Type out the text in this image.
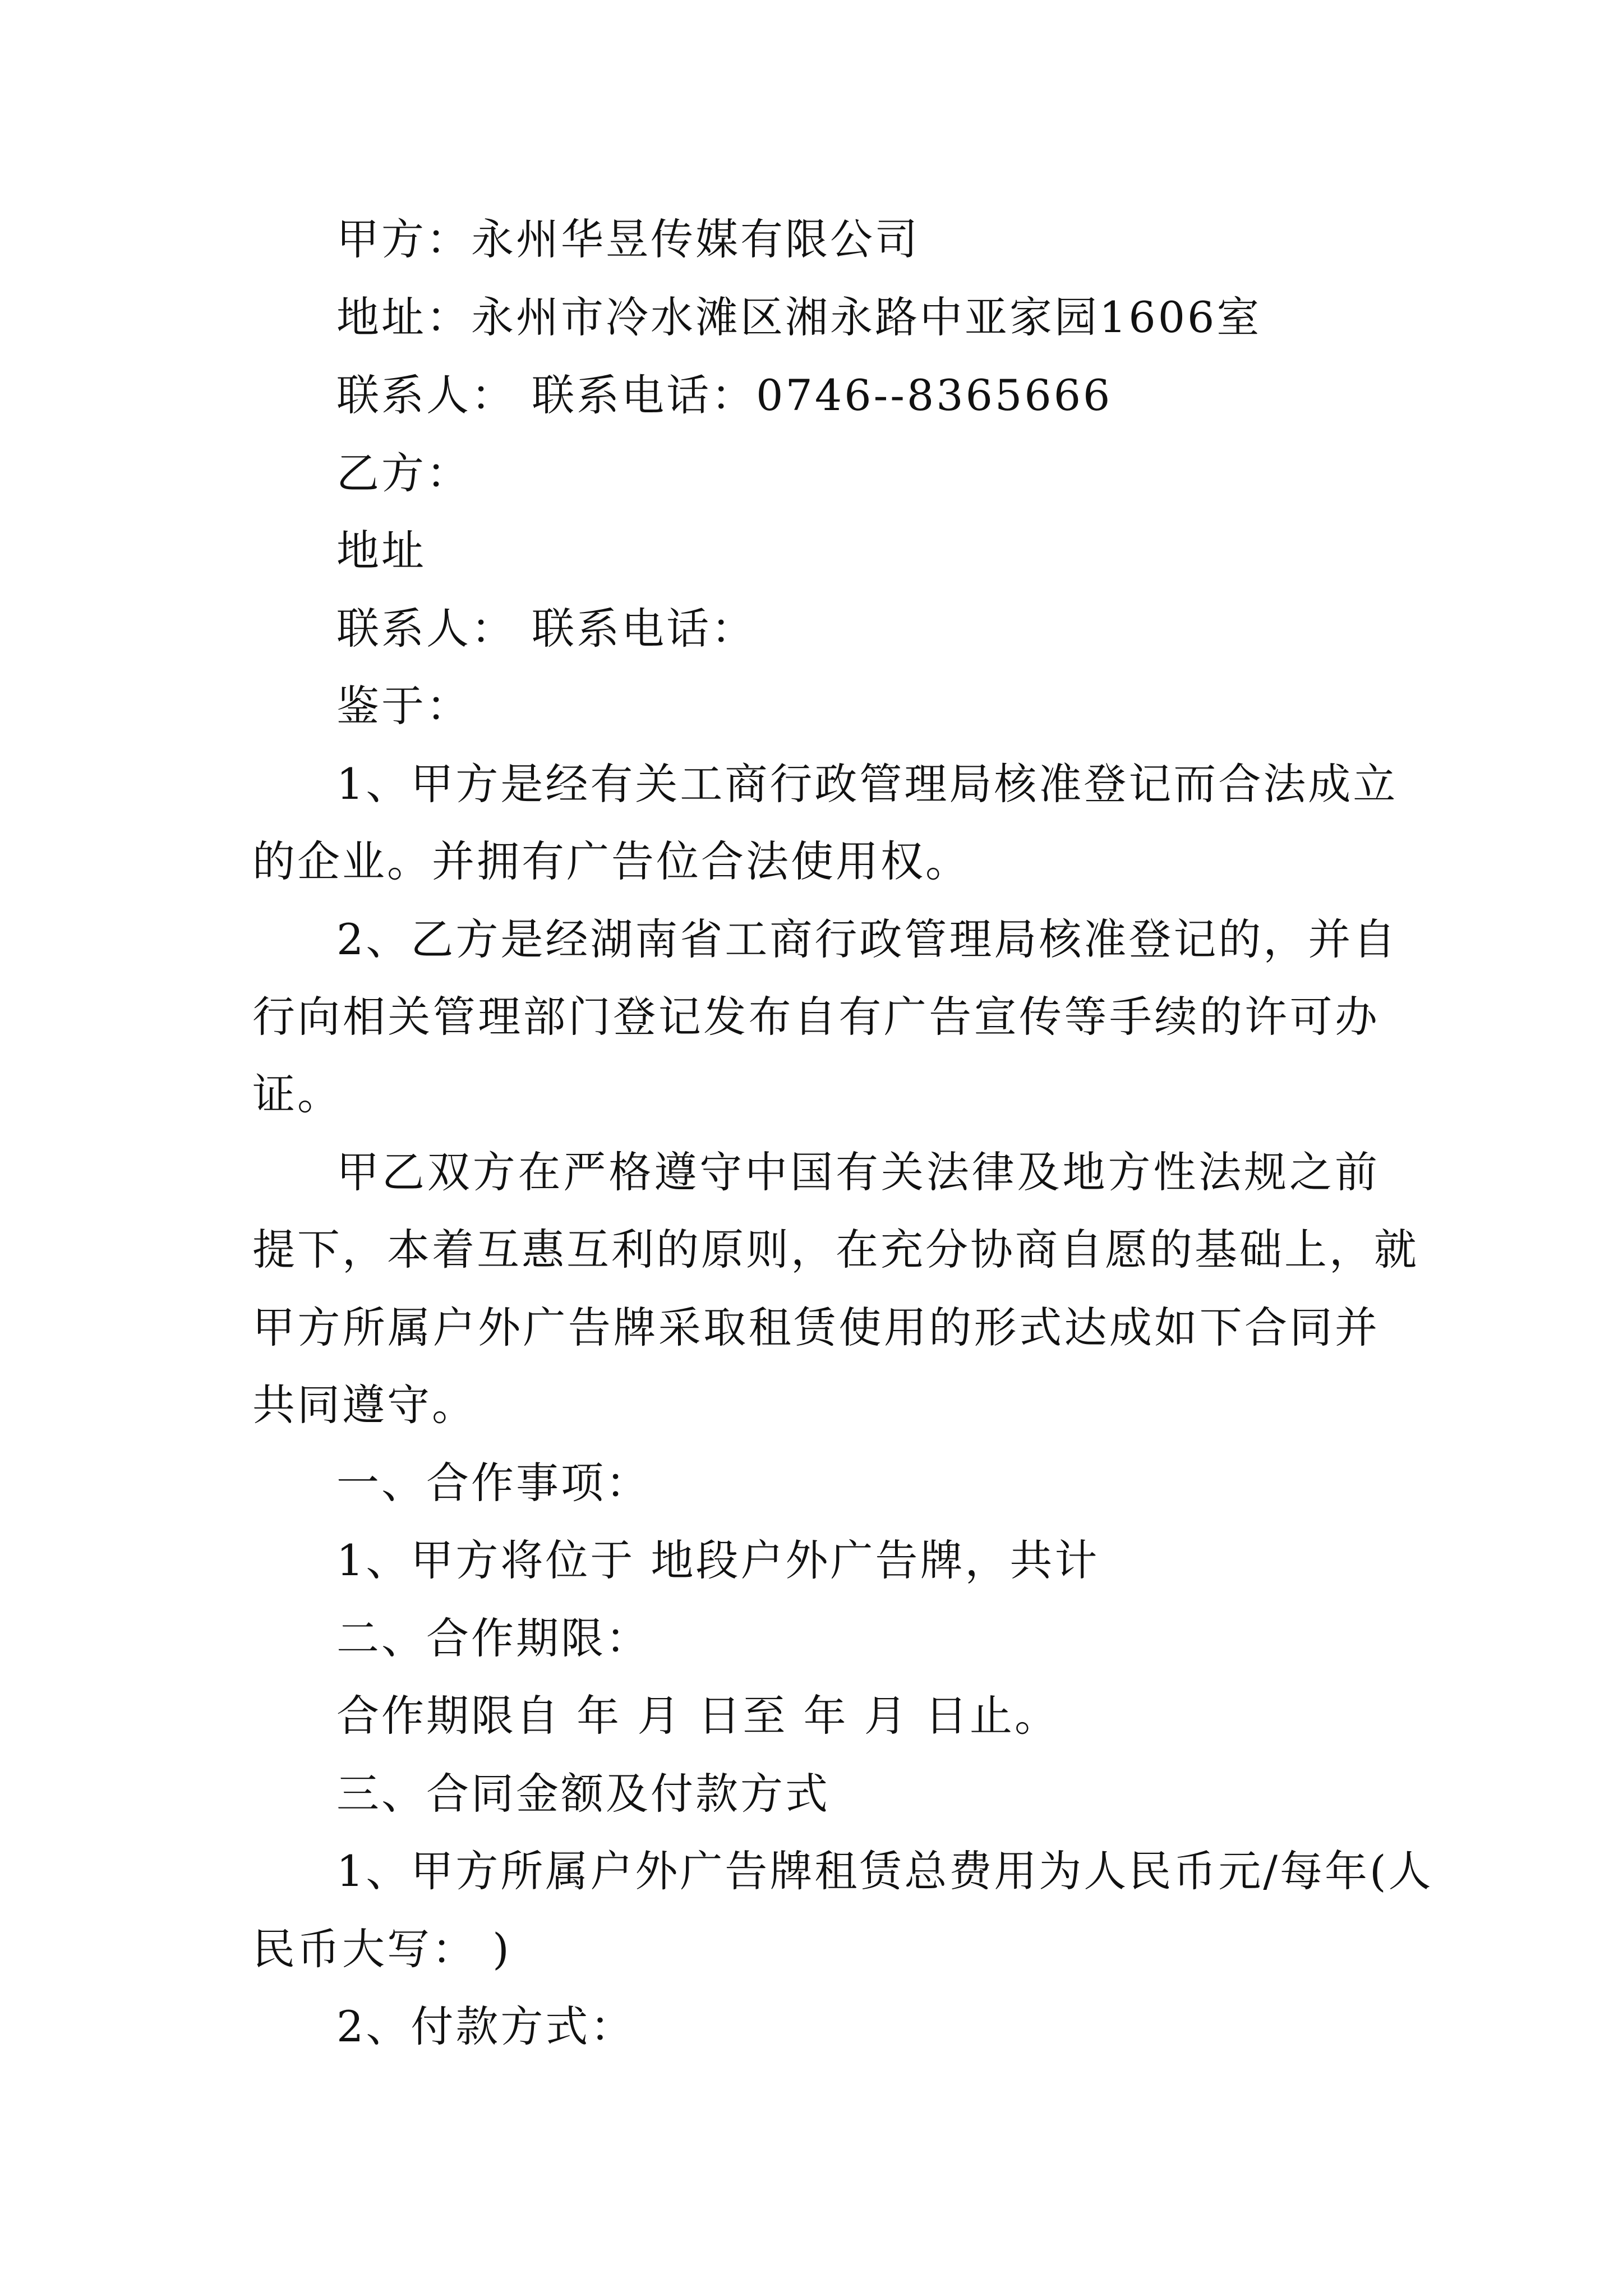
甲方：永州华昱传媒有限公司
地址：永州市冷水滩区湘永路中亚家园1606室
联系人： 联系电话：0746--8365666
乙方：
地址
联系人： 联系电话：
鉴于：
1、甲方是经有关工商行政管理局核准登记而合法成立
的企业。并拥有广告位合法使用权。
2、乙方是经湖南省工商行政管理局核准登记的，并自
行向相关管理部门登记发布自有广告宣传等手续的许可办
证。
甲乙双方在严格遵守中国有关法律及地方性法规之前
提下，本着互惠互利的原则，在充分协商自愿的基础上，就
甲方所属户外广告牌采取租赁使用的形式达成如下合同并
共同遵守。
一、合作事项：
1、甲方将位于 地段户外广告牌，共计
二、合作期限：
合作期限自 年 月 日至 年 月 日止。
三、合同金额及付款方式
1、甲方所属户外广告牌租赁总费用为人民币元/每年(人
民币大写： )
2、付款方式：
